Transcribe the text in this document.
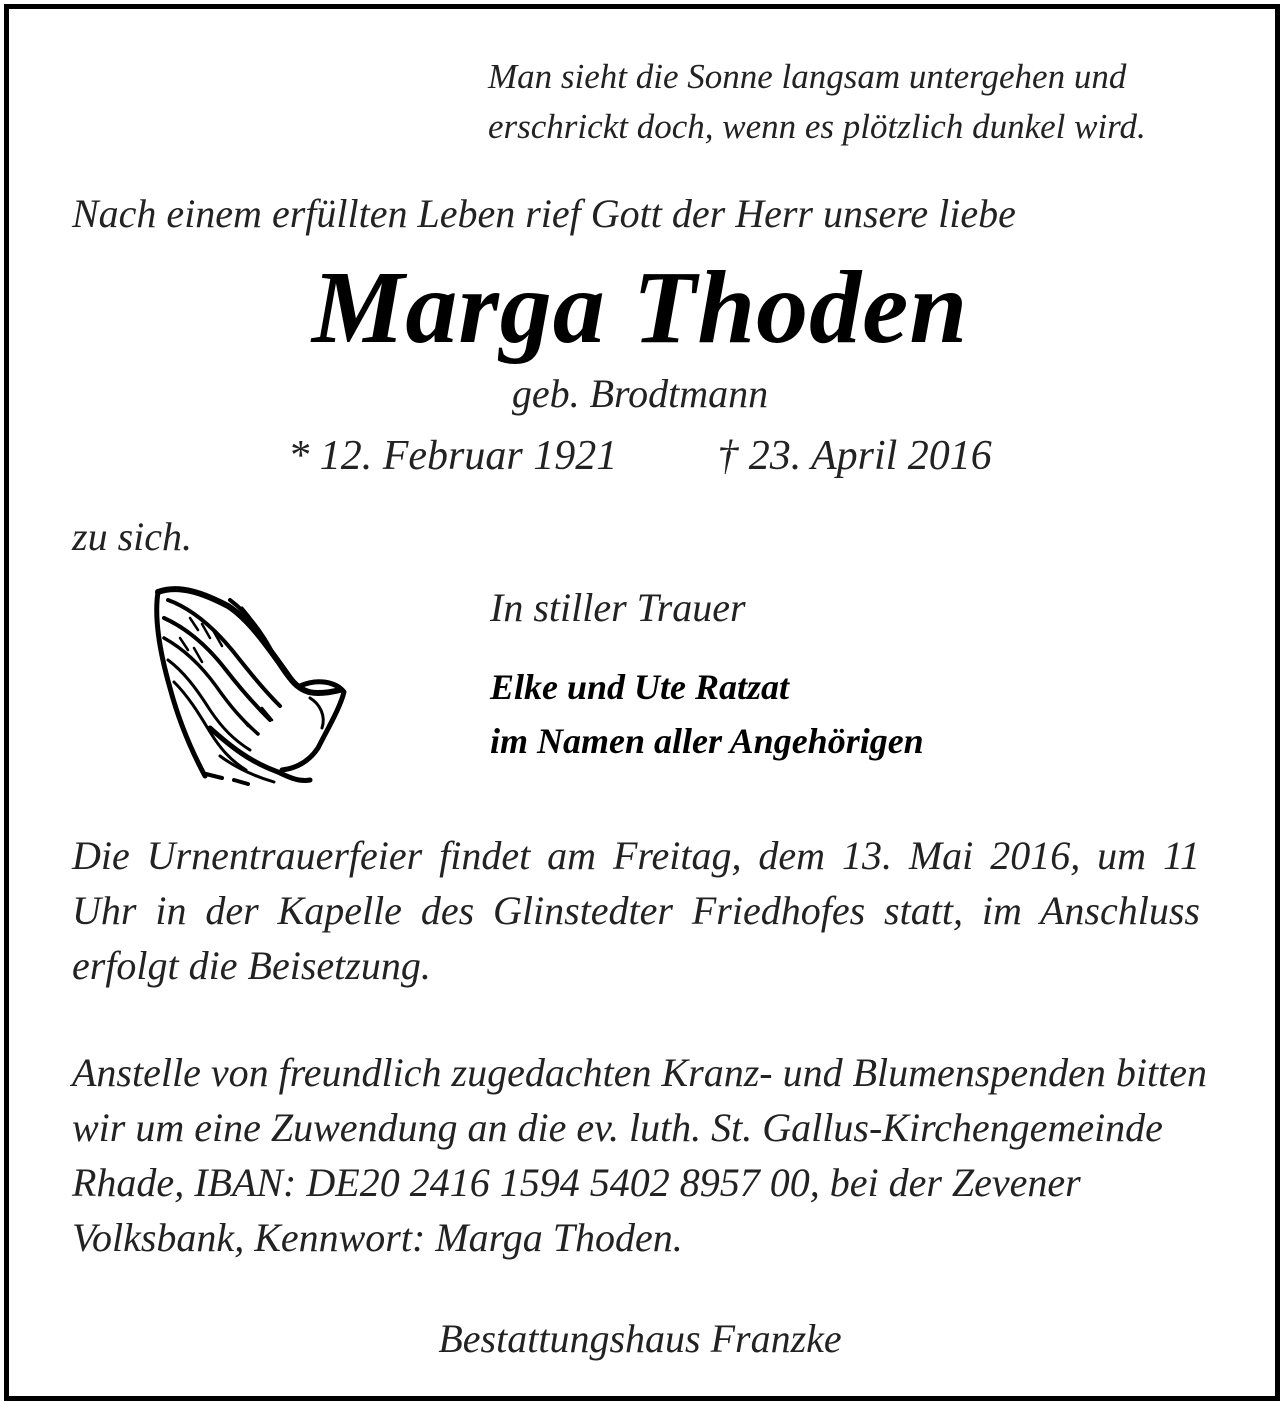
Man sieht die Sonne langsam untergehen und
erschrickt doch, wenn es plötzlich dunkel wird.
Nach einem erfüllten Leben rief Gott der Herr unsere liebe
Marga Thoden
geb. Brodtmann
* 12. Februar 1921 † 23. April 2016
zu sich.
In stiller Trauer
Elke und Ute Ratzat
im Namen aller Angehörigen
Die Urnentrauerfeier findet am Freitag, dem 13. Mai 2016, um 11 Uhr in der Kapelle des Glinstedter Friedhofes statt, im Anschluss erfolgt die Beisetzung.
Anstelle von freundlich zugedachten Kranz- und Blumenspenden bitten
wir um eine Zuwendung an die ev. luth. St. Gallus-Kirchengemeinde
Rhade, IBAN: DE20 2416 1594 5402 8957 00, bei der Zevener
Volksbank, Kennwort: Marga Thoden.
Bestattungshaus Franzke
